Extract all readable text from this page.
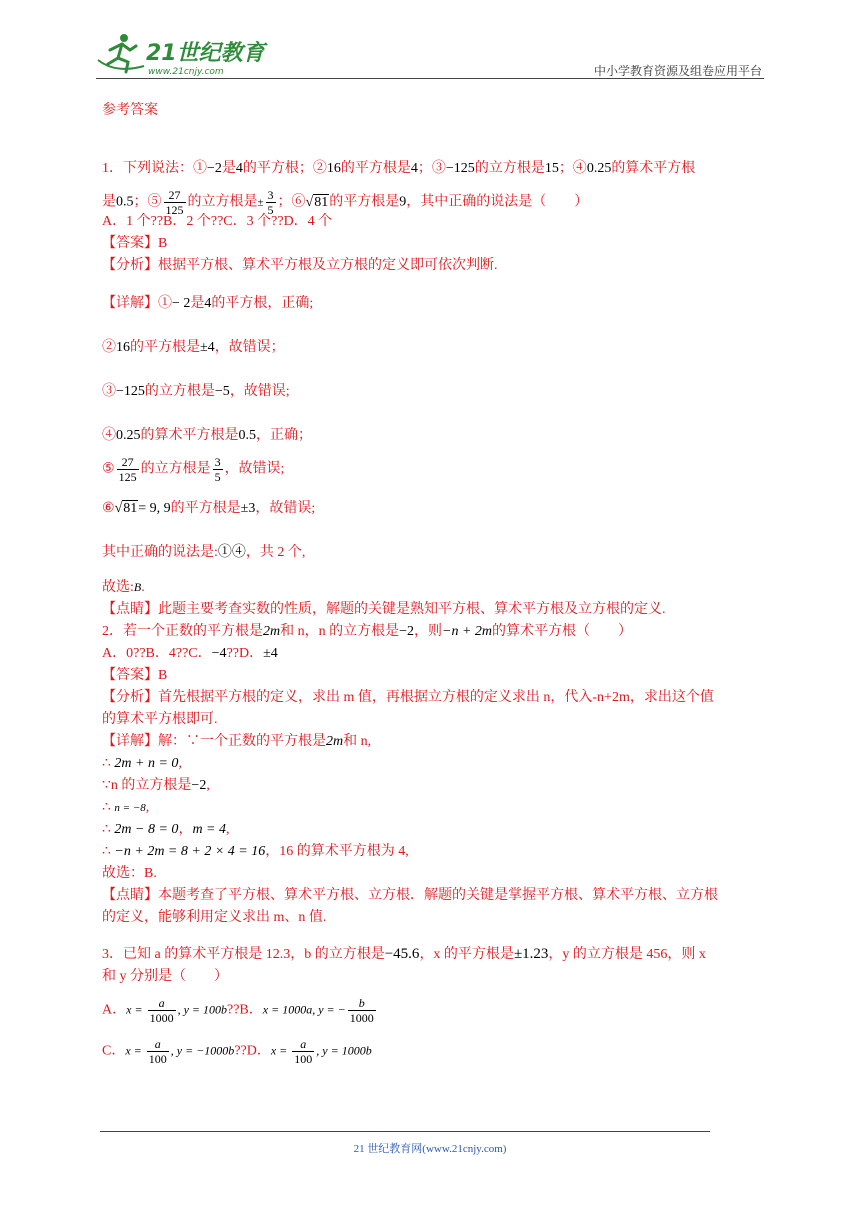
21世纪教育
www.21cnjy.com	中小学教育资源及组卷应用平台
参考答案
1．下列说法：①−2是4的平方根；②16的平方根是4；③−125的立方根是15；④0.25的算术平方根
是0.5；⑤ $\frac{27}{125}$ 的立方根是± $\frac{3}{5}$ ；⑥√81的平方根是9，其中正确的说法是（　　）
A．1 个??B．2 个??C．3 个??D．4 个
【答案】B
【分析】根据平方根、算术平方根及立方根的定义即可依次判断.
【详解】①− 2是4的平方根，正确;
②16的平方根是±4，故错误；
③−125的立方根是−5，故错误;
④0.25的算术平方根是0.5，正确；
⑤ $\frac{27}{125}$ 的立方根是 $\frac{3}{5}$ ，故错误;
⑥√81= 9, 9的平方根是±3，故错误;
其中正确的说法是:①④，共 2 个,
故选:B.
【点睛】此题主要考查实数的性质，解题的关键是熟知平方根、算术平方根及立方根的定义.
2．若一个正数的平方根是2m和 n，n 的立方根是−2，则−n + 2m的算术平方根（　　）
A．0??B．4??C．−4??D．±4
【答案】B
【分析】首先根据平方根的定义，求出 m 值，再根据立方根的定义求出 n，代入-n+2m，求出这个值
的算术平方根即可.
【详解】解：∵一个正数的平方根是2m和 n,
∴ 2m + n = 0,
∵n 的立方根是−2,
∴ n = −8,
∴ 2m − 8 = 0，m = 4,
∴ −n + 2m = 8 + 2 × 4 = 16，16 的算术平方根为 4,
故选：B.
【点睛】本题考查了平方根、算术平方根、立方根．解题的关键是掌握平方根、算术平方根、立方根
的定义，能够利用定义求出 m、n 值.
3．已知 a 的算术平方根是 12.3，b 的立方根是−45.6，x 的平方根是±1.23，y 的立方根是 456，则 x
和 y 分别是（　　）
A．$x = \frac{a}{1000}$ , y = 100b??B．x = 1000a, y = − $\frac{b}{1000}$
C．$x = \frac{a}{100}$ , y = −1000b??D．$x = \frac{a}{100}$ , y = 1000b
21 世纪教育网(www.21cnjy.com)
